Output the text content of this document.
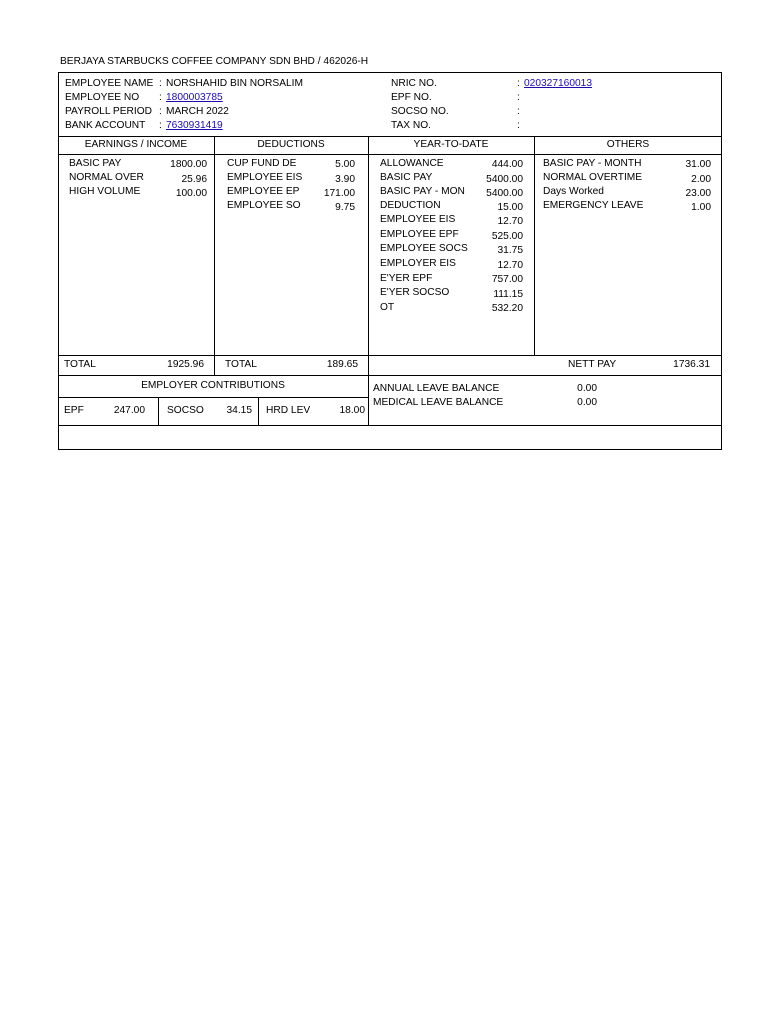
BERJAYA STARBUCKS COFFEE COMPANY SDN BHD / 462026-H
EMPLOYEE NAME : NORSHAHID BIN NORSALIM
EMPLOYEE NO : 1800003785
PAYROLL PERIOD : MARCH 2022
BANK ACCOUNT : 7630931419
NRIC NO.	: 020327160013
EPF NO.	:
SOCSO NO.	:
TAX NO.	:
EARNINGS / INCOME	DEDUCTIONS	YEAR-TO-DATE	OTHERS
BASIC PAY	1800.00
NORMAL OVER	25.96
HIGH VOLUME	100.00
CUP FUND DE	5.00
EMPLOYEE EIS	3.90
EMPLOYEE EP	171.00
EMPLOYEE SO	9.75
ALLOWANCE	444.00
BASIC PAY	5400.00
BASIC PAY - MON	5400.00
DEDUCTION	15.00
EMPLOYEE EIS	12.70
EMPLOYEE EPF	525.00
EMPLOYEE SOCS	31.75
EMPLOYER EIS	12.70
E'YER EPF	757.00
E'YER SOCSO	111.15
OT	532.20
BASIC PAY - MONTH	31.00
NORMAL OVERTIME	2.00
Days Worked	23.00
EMERGENCY LEAVE	1.00
TOTAL	1925.96 TOTAL	189.65	NETT PAY	1736.31
EMPLOYER CONTRIBUTIONS
EPF	247.00 SOCSO	34.15 HRD LEV	18.00
ANNUAL LEAVE BALANCE	0.00
MEDICAL LEAVE BALANCE	0.00
